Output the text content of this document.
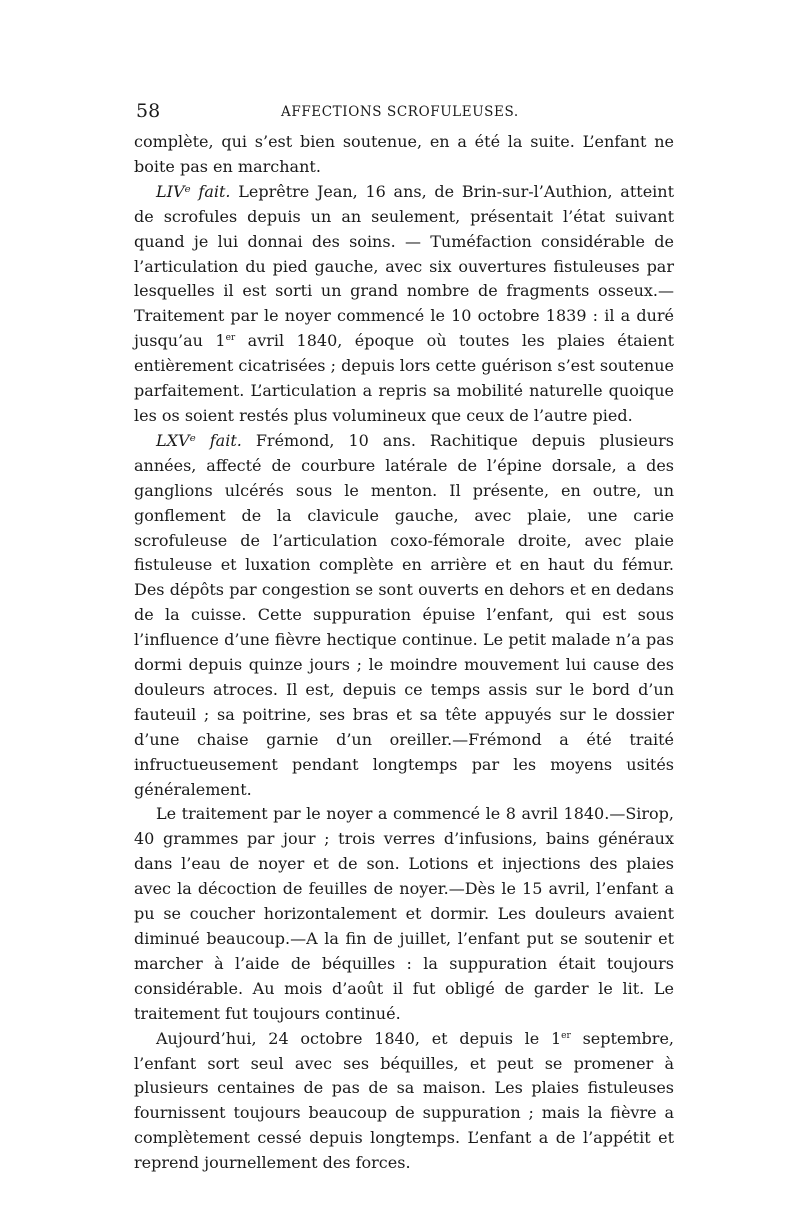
58	AFFECTIONS SCROFULEUSES.

complète, qui s’est bien soutenue, en a été la suite. L’enfant ne boite pas en marchant.

LIVᵉ fait. Leprêtre Jean, 16 ans, de Brin-sur-l’Authion, atteint de scrofules depuis un an seulement, présentait l’état suivant quand je lui donnai des soins. — Tuméfaction considérable de l’articulation du pied gauche, avec six ouvertures fistuleuses par lesquelles il est sorti un grand nombre de fragments osseux.—Traitement par le noyer commencé le 10 octobre 1839 : il a duré jusqu’au 1er avril 1840, époque où toutes les plaies étaient entièrement cicatrisées ; depuis lors cette guérison s’est soutenue parfaitement. L’articulation a repris sa mobilité naturelle quoique les os soient restés plus volumineux que ceux de l’autre pied.

LXVᵉ fait. Frémond, 10 ans. Rachitique depuis plusieurs années, affecté de courbure latérale de l’épine dorsale, a des ganglions ulcérés sous le menton. Il présente, en outre, un gonflement de la clavicule gauche, avec plaie, une carie scrofuleuse de l’articulation coxo-fémorale droite, avec plaie fistuleuse et luxation complète en arrière et en haut du fémur. Des dépôts par congestion se sont ouverts en dehors et en dedans de la cuisse. Cette suppuration épuise l’enfant, qui est sous l’influence d’une fièvre hectique continue. Le petit malade n’a pas dormi depuis quinze jours ; le moindre mouvement lui cause des douleurs atroces. Il est, depuis ce temps assis sur le bord d’un fauteuil ; sa poitrine, ses bras et sa tête appuyés sur le dossier d’une chaise garnie d’un oreiller.—Frémond a été traité infructueusement pendant longtemps par les moyens usités généralement.

Le traitement par le noyer a commencé le 8 avril 1840.—Sirop, 40 grammes par jour ; trois verres d’infusions, bains généraux dans l’eau de noyer et de son. Lotions et injections des plaies avec la décoction de feuilles de noyer.—Dès le 15 avril, l’enfant a pu se coucher horizontalement et dormir. Les douleurs avaient diminué beaucoup.—A la fin de juillet, l’enfant put se soutenir et marcher à l’aide de béquilles : la suppuration était toujours considérable. Au mois d’août il fut obligé de garder le lit. Le traitement fut toujours continué.

Aujourd’hui, 24 octobre 1840, et depuis le 1er septembre, l’enfant sort seul avec ses béquilles, et peut se promener à plusieurs centaines de pas de sa maison. Les plaies fistuleuses fournissent toujours beaucoup de suppuration ; mais la fièvre a complètement cessé depuis longtemps. L’enfant a de l’appétit et reprend journellement des forces.
